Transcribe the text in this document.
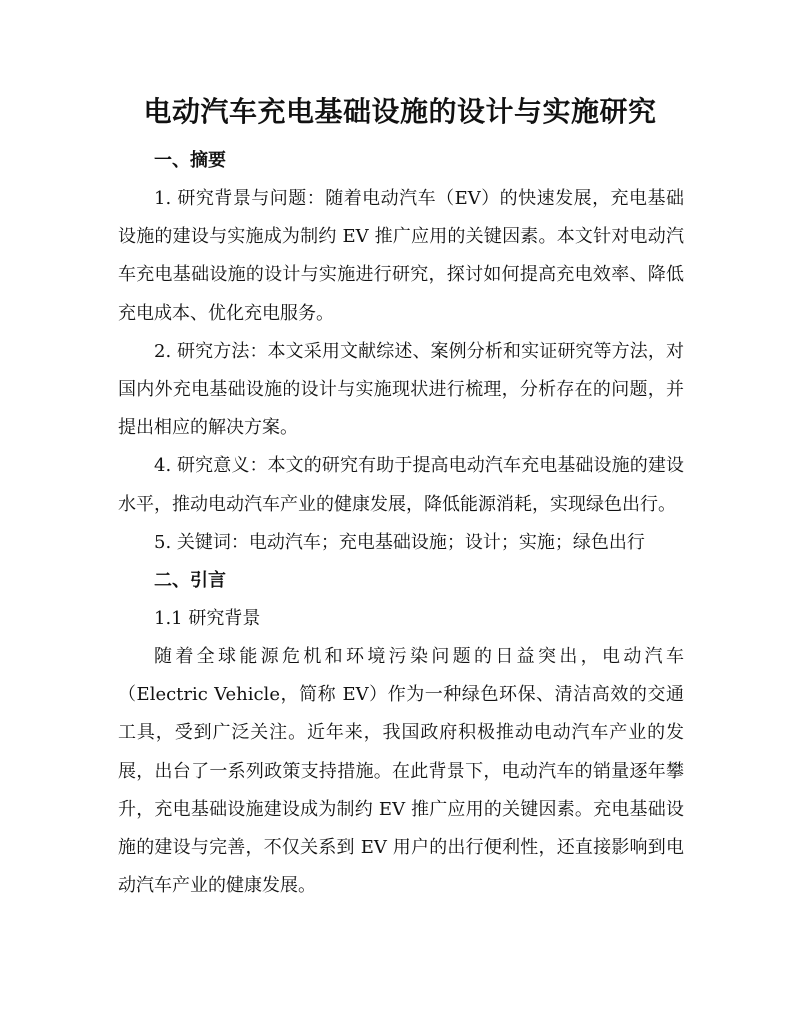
电动汽车充电基础设施的设计与实施研究
一、摘要

1. 研究背景与问题：随着电动汽车（EV）的快速发展，充电基础设施的建设与实施成为制约 EV 推广应用的关键因素。本文针对电动汽车充电基础设施的设计与实施进行研究，探讨如何提高充电效率、降低充电成本、优化充电服务。

2. 研究方法：本文采用文献综述、案例分析和实证研究等方法，对国内外充电基础设施的设计与实施现状进行梳理，分析存在的问题，并提出相应的解决方案。

4. 研究意义：本文的研究有助于提高电动汽车充电基础设施的建设水平，推动电动汽车产业的健康发展，降低能源消耗，实现绿色出行。

5. 关键词：电动汽车；充电基础设施；设计；实施；绿色出行

二、引言

1.1 研究背景

随着全球能源危机和环境污染问题的日益突出，电动汽车（Electric Vehicle，简称 EV）作为一种绿色环保、清洁高效的交通工具，受到广泛关注。近年来，我国政府积极推动电动汽车产业的发展，出台了一系列政策支持措施。在此背景下，电动汽车的销量逐年攀升，充电基础设施建设成为制约 EV 推广应用的关键因素。充电基础设施的建设与完善，不仅关系到 EV 用户的出行便利性，还直接影响到电动汽车产业的健康发展。
